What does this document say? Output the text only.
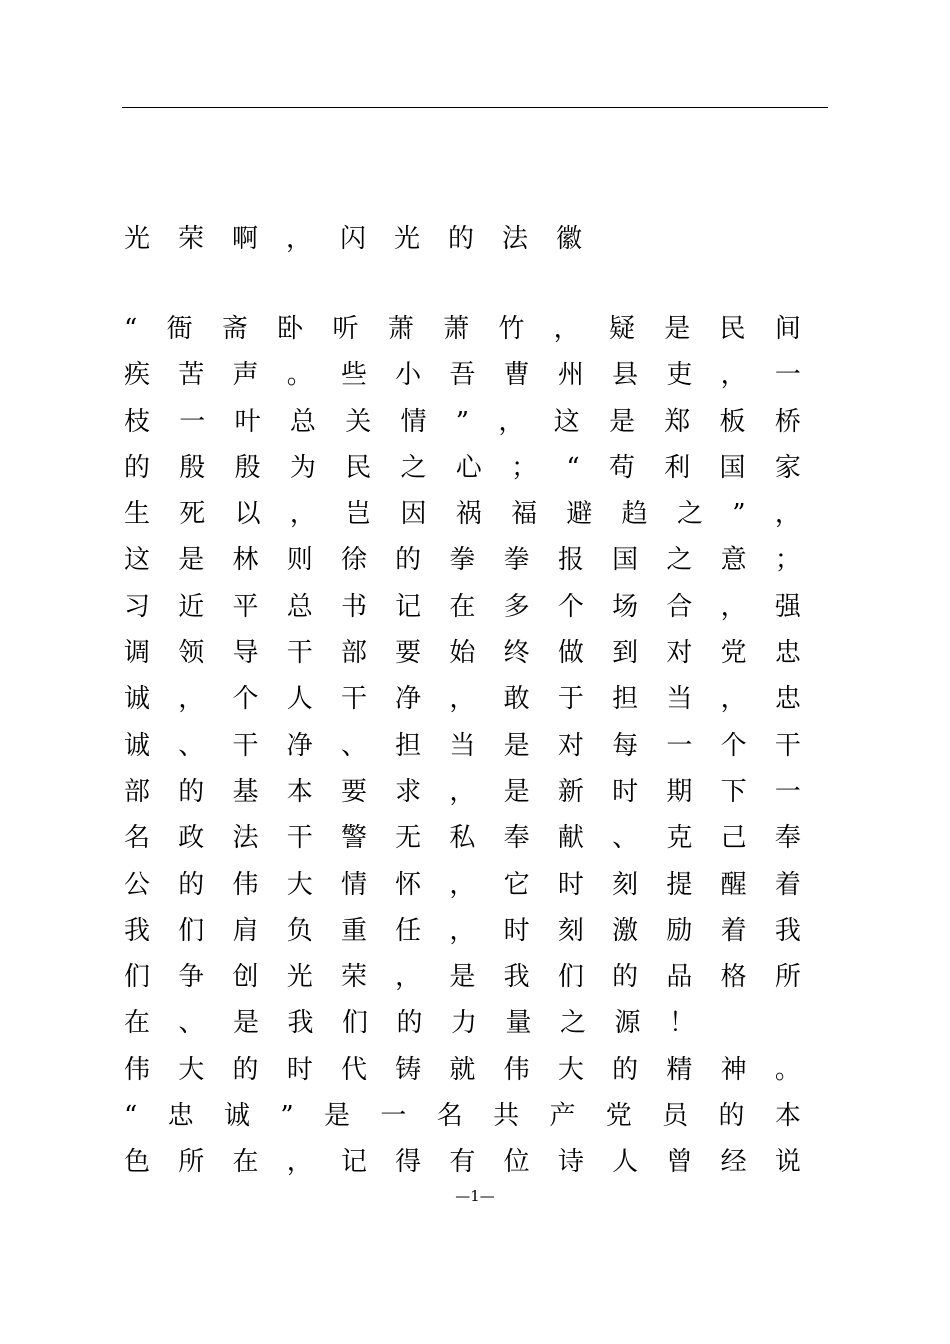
光荣啊，闪光的法徽
“ 衙 斋 卧 听 萧 萧 竹 ， 疑 是 民 间
疾 苦 声 。 些 小 吾 曹 州 县 吏 ， 一
枝 一 叶 总 关 情 ” ， 这 是 郑 板 桥
的 殷 殷 为 民 之 心 ； “ 苟 利 国 家
生 死 以 ， 岂 因 祸 福 避 趋 之 ” ，
这 是 林 则 徐 的 拳 拳 报 国 之 意 ；
习 近 平 总 书 记 在 多 个 场 合 ， 强
调 领 导 干 部 要 始 终 做 到 对 党 忠
诚 ， 个 人 干 净 ， 敢 于 担 当 ， 忠
诚 、 干 净 、 担 当 是 对 每 一 个 干
部 的 基 本 要 求 ， 是 新 时 期 下 一
名 政 法 干 警 无 私 奉 献 、 克 己 奉
公 的 伟 大 情 怀 ， 它 时 刻 提 醒 着
我 们 肩 负 重 任 ， 时 刻 激 励 着 我
们 争 创 光 荣 ， 是 我 们 的 品 格 所
在	、	是	我	们	的	力	量	之	源	！
伟 大 的 时 代 铸 就 伟 大 的 精 神 。
“ 忠 诚 ” 是 一 名 共 产 党 员 的 本
色 所 在 ， 记 得 有 位 诗 人 曾 经 说
—1—
